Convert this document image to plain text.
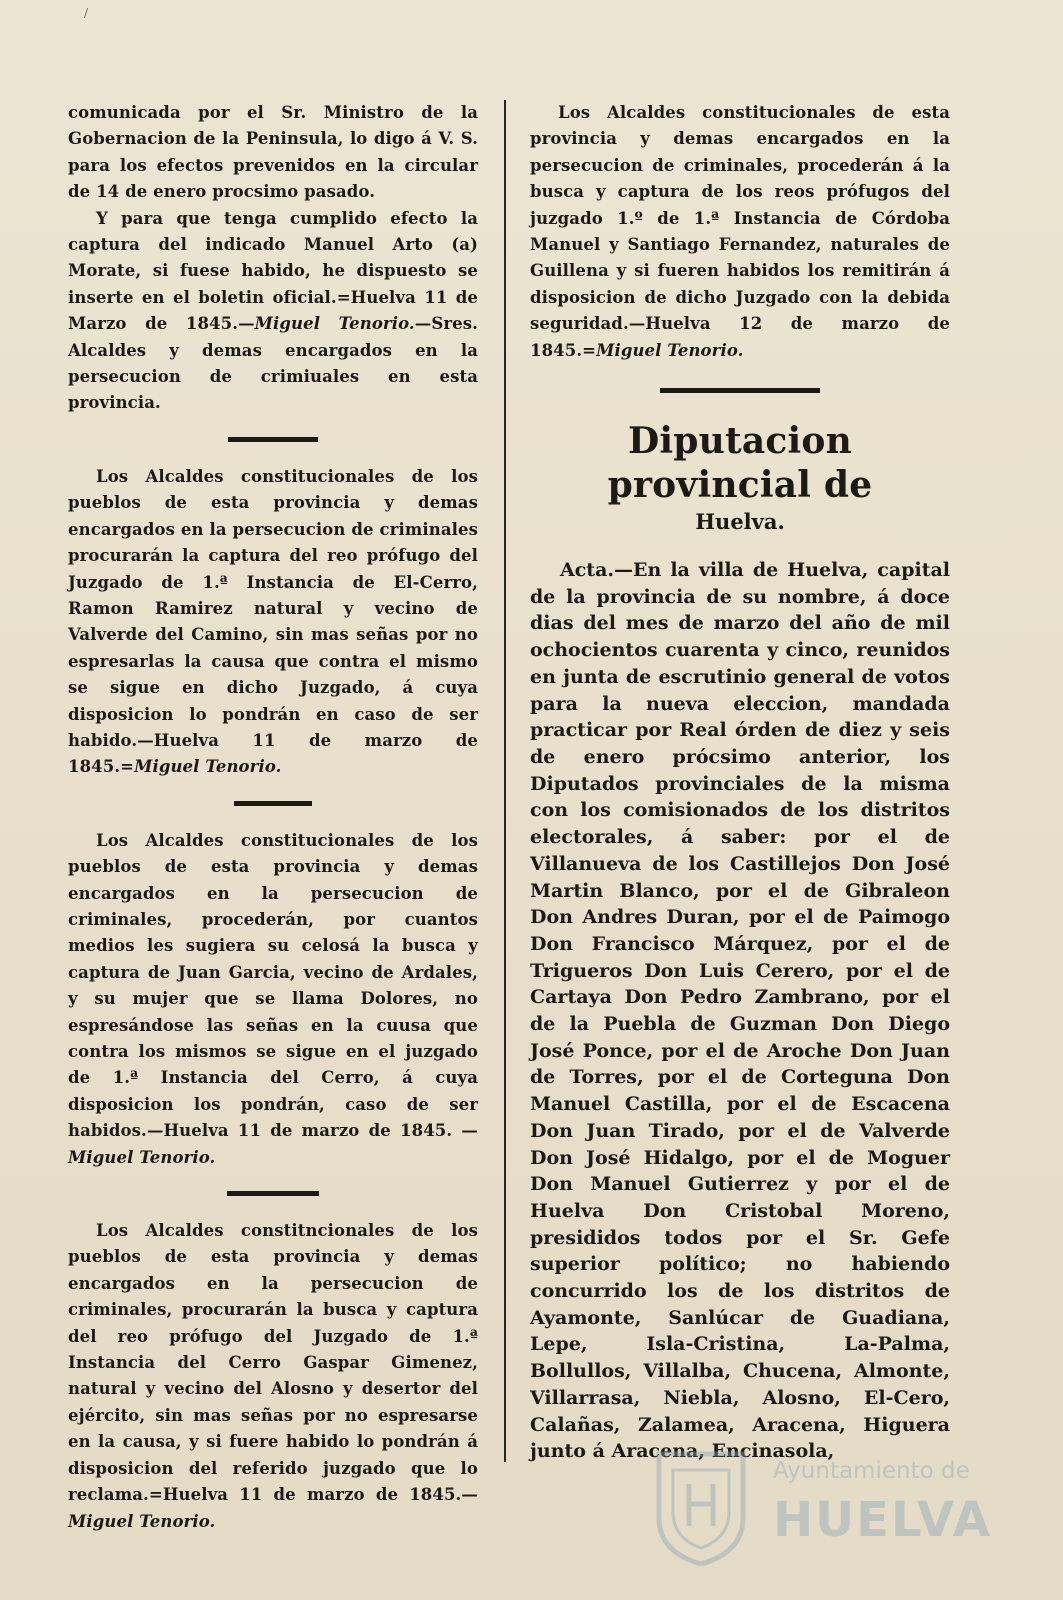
/

comunicada por el Sr. Ministro de la Gobernacion de la Peninsula, lo digo á V. S. para los efectos prevenidos en la circular de 14 de enero procsimo pasado.

Y para que tenga cumplido efecto la captura del indicado Manuel Arto (a) Morate, si fuese habido, he dispuesto se inserte en el boletin oficial.=Huelva 11 de Marzo de 1845.—Miguel Tenorio.—Sres. Alcaldes y demas encargados en la persecucion de crimiuales en esta provincia.

Los Alcaldes constitucionales de los pueblos de esta provincia y demas encargados en la persecucion de criminales procurarán la captura del reo prófugo del Juzgado de 1.ª Instancia de El-Cerro, Ramon Ramirez natural y vecino de Valverde del Camino, sin mas señas por no espresarlas la causa que contra el mismo se sigue en dicho Juzgado, á cuya disposicion lo pondrán en caso de ser habido.—Huelva 11 de marzo de 1845.=Miguel Tenorio.

Los Alcaldes constitucionales de los pueblos de esta provincia y demas encargados en la persecucion de criminales, procederán, por cuantos medios les sugiera su celosá la busca y captura de Juan Garcia, vecino de Ardales, y su mujer que se llama Dolores, no espresándose las señas en la cuusa que contra los mismos se sigue en el juzgado de 1.ª Instancia del Cerro, á cuya disposicion los pondrán, caso de ser habidos.—Huelva 11 de marzo de 1845. —Miguel Tenorio.

Los Alcaldes constitncionales de los pueblos de esta provincia y demas encargados en la persecucion de criminales, procurarán la busca y captura del reo prófugo del Juzgado de 1.ª Instancia del Cerro Gaspar Gimenez, natural y vecino del Alosno y desertor del ejército, sin mas señas por no espresarse en la causa, y si fuere habido lo pondrán á disposicion del referido juzgado que lo reclama.=Huelva 11 de marzo de 1845.—Miguel Tenorio.

Los Alcaldes constitucionales de esta provincia y demas encargados en la persecucion de criminales, procederán á la busca y captura de los reos prófugos del juzgado 1.º de 1.ª Instancia de Córdoba Manuel y Santiago Fernandez, naturales de Guillena y si fueren habidos los remitirán á disposicion de dicho Juzgado con la debida seguridad.—Huelva 12 de marzo de 1845.=Miguel Tenorio.

Diputacion provincial de
Huelva.

Acta.—En la villa de Huelva, capital de la provincia de su nombre, á doce dias del mes de marzo del año de mil ochocientos cuarenta y cinco, reunidos en junta de escrutinio general de votos para la nueva eleccion, mandada practicar por Real órden de diez y seis de enero prócsimo anterior, los Diputados provinciales de la misma con los comisionados de los distritos electorales, á saber: por el de Villanueva de los Castillejos Don José Martin Blanco, por el de Gibraleon Don Andres Duran, por el de Paimogo Don Francisco Márquez, por el de Trigueros Don Luis Cerero, por el de Cartaya Don Pedro Zambrano, por el de la Puebla de Guzman Don Diego José Ponce, por el de Aroche Don Juan de Torres, por el de Corteguna Don Manuel Castilla, por el de Escacena Don Juan Tirado, por el de Valverde Don José Hidalgo, por el de Moguer Don Manuel Gutierrez y por el de Huelva Don Cristobal Moreno, presididos todos por el Sr. Gefe superior político; no habiendo concurrido los de los distritos de Ayamonte, Sanlúcar de Guadiana, Lepe, Isla-Cristina, La-Palma, Bollullos, Villalba, Chucena, Almonte, Villarrasa, Niebla, Alosno, El-Cero, Calañas, Zalamea, Aracena, Higuera junto á Aracena, Encinasola,

Ayuntamiento de
HUELVA
